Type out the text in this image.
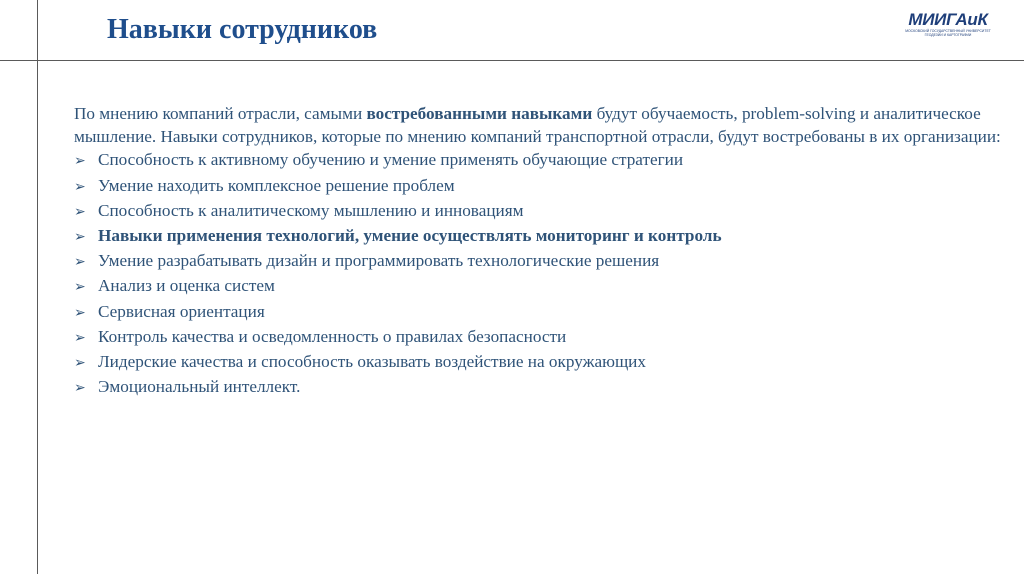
Навыки сотрудников	МИИГАиК
МОСКОВСКИЙ ГОСУДАРСТВЕННЫЙ УНИВЕРСИТЕТ
ГЕОДЕЗИИ И КАРТОГРАФИИ

По мнению компаний отрасли, самыми востребованными навыками будут обучаемость, problem-solving и аналитическое мышление. Навыки сотрудников, которые по мнению компаний транспортной отрасли, будут востребованы в их организации:

➢ Способность к активному обучению и умение применять обучающие стратегии
➢ Умение находить комплексное решение проблем
➢ Способность к аналитическому мышлению и инновациям
➢ Навыки применения технологий, умение осуществлять мониторинг и контроль
➢ Умение разрабатывать дизайн и программировать технологические решения
➢ Анализ и оценка систем
➢ Сервисная ориентация
➢ Контроль качества и осведомленность о правилах безопасности
➢ Лидерские качества и способность оказывать воздействие на окружающих
➢ Эмоциональный интеллект.
